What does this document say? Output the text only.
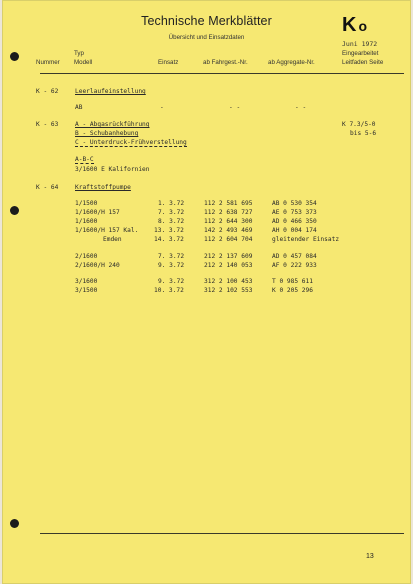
Technische Merkblätter
Übersicht und Einsatzdaten
Ko
Juni 1972
Eingearbeitet
Typ
Nummer Modell	Einsatz	ab Fahrgest.-Nr.	ab Aggregate-Nr.	Leitfaden Seite
K - 62	Leerlaufeinstellung
AB	-	- -	- -
K - 63	A - Abgasrückführung
B - Schubanhebung
C - Unterdruck-Frühverstellung
K 7.3/5-0
bis 5-6
A-B-C
3/1600 E Kalifornien
K - 64	Kraftstoffpumpe
1/1500	1. 3.72	112 2 581 695	AB 0 530 354
1/1600/H 157	7. 3.72	112 2 638 727	AE 0 753 373
1/1600	8. 3.72	112 2 644 300	AD 0 466 350
1/1600/H 157 Kal.	13. 3.72	142 2 493 469	AH 0 004 174
Emden	14. 3.72	112 2 604 704	gleitender Einsatz
2/1600	7. 3.72	212 2 137 609	AD 0 457 084
2/1600/H 240	9. 3.72	212 2 140 053	AF 0 222 933
3/1600	9. 3.72	312 2 100 453	T 0 985 611
3/1500	10. 3.72	312 2 102 553	K 0 205 296
13
